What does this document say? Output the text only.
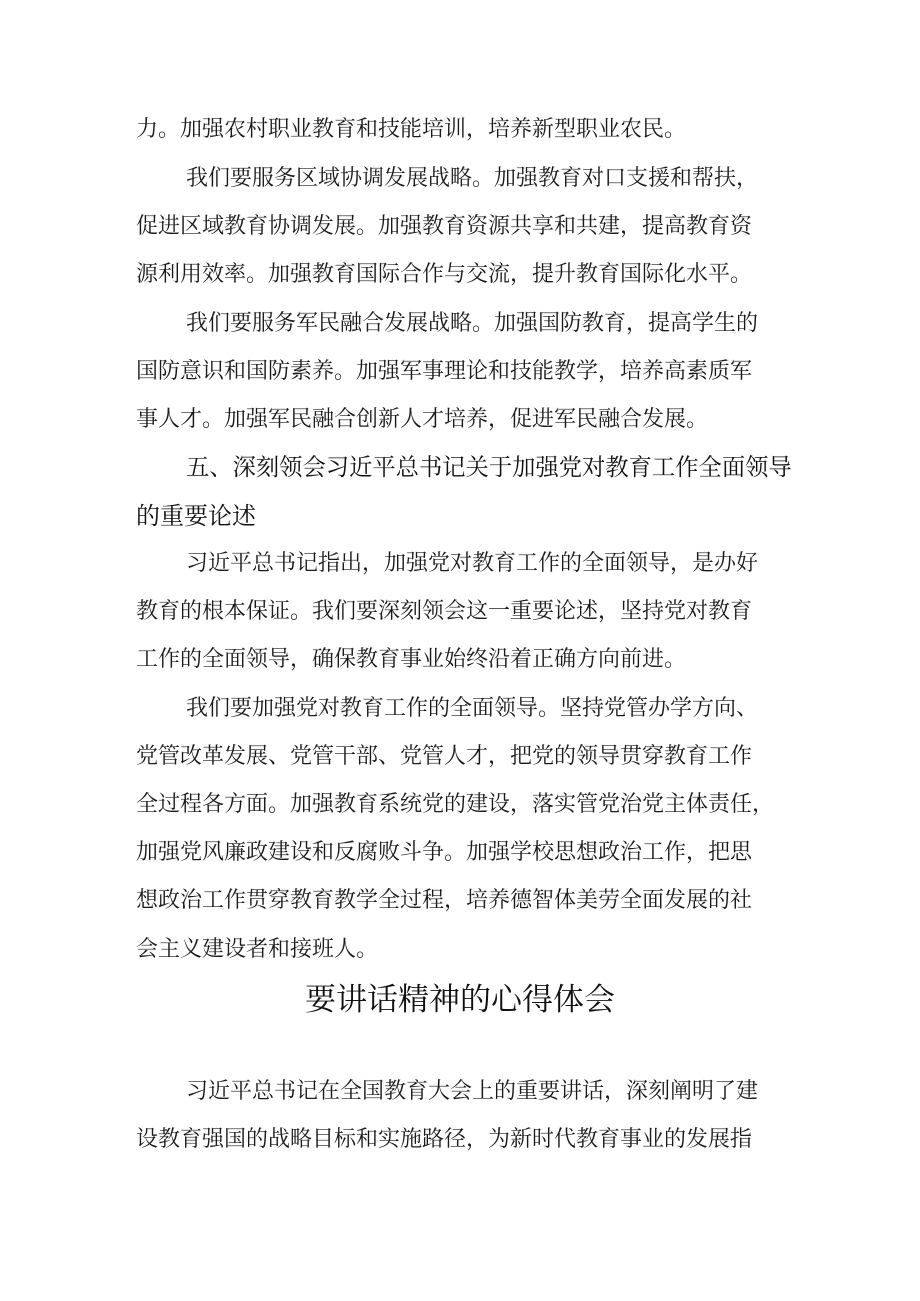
力。加强农村职业教育和技能培训，培养新型职业农民。
我们要服务区域协调发展战略。加强教育对口支援和帮扶，
促进区域教育协调发展。加强教育资源共享和共建，提高教育资
源利用效率。加强教育国际合作与交流，提升教育国际化水平。
我们要服务军民融合发展战略。加强国防教育，提高学生的
国防意识和国防素养。加强军事理论和技能教学，培养高素质军
事人才。加强军民融合创新人才培养，促进军民融合发展。
五、深刻领会习近平总书记关于加强党对教育工作全面领导
的重要论述
习近平总书记指出，加强党对教育工作的全面领导，是办好
教育的根本保证。我们要深刻领会这一重要论述，坚持党对教育
工作的全面领导，确保教育事业始终沿着正确方向前进。
我们要加强党对教育工作的全面领导。坚持党管办学方向、
党管改革发展、党管干部、党管人才，把党的领导贯穿教育工作
全过程各方面。加强教育系统党的建设，落实管党治党主体责任，
加强党风廉政建设和反腐败斗争。加强学校思想政治工作，把思
想政治工作贯穿教育教学全过程，培养德智体美劳全面发展的社
会主义建设者和接班人。
要讲话精神的心得体会
习近平总书记在全国教育大会上的重要讲话，深刻阐明了建
设教育强国的战略目标和实施路径，为新时代教育事业的发展指
